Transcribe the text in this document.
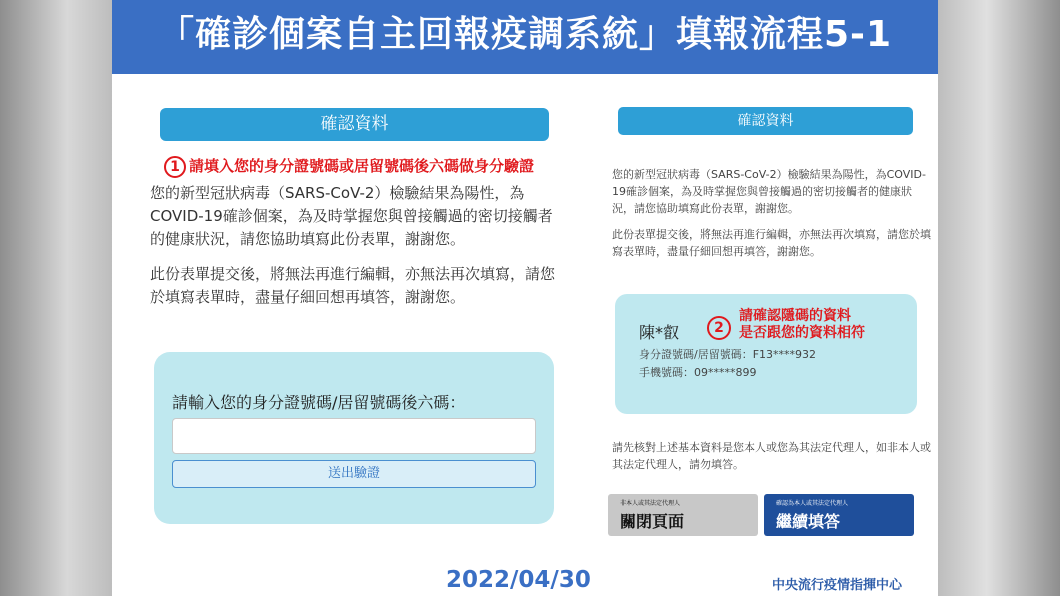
「確診個案自主回報疫調系統」填報流程5-1
確認資料
1 請填入您的身分證號碼或居留號碼後六碼做身分驗證

您的新型冠狀病毒（SARS-CoV-2）檢驗結果為陽性，為COVID-19確診個案，為及時掌握您與曾接觸過的密切接觸者的健康狀況，請您協助填寫此份表單，謝謝您。

此份表單提交後，將無法再進行編輯，亦無法再次填寫，請您於填寫表單時，盡量仔細回想再填答，謝謝您。

請輸入您的身分證號碼/居留號碼後六碼：
送出驗證
確認資料

您的新型冠狀病毒（SARS-CoV-2）檢驗結果為陽性，為COVID-19確診個案，為及時掌握您與曾接觸過的密切接觸者的健康狀況，請您協助填寫此份表單，謝謝您。

此份表單提交後，將無法再進行編輯，亦無法再次填寫，請您於填寫表單時，盡量仔細回想再填答，謝謝您。

陳*叡	2
請確認隱碼的資料
是否跟您的資料相符
身分證號碼/居留號碼：F13****932
手機號碼：09*****899

請先核對上述基本資料是您本人或您為其法定代理人，如非本人或其法定代理人，請勿填答。

非本人或其法定代理人
關閉頁面
確認為本人或其法定代理人
繼續填答
2022/04/30	中央流行疫情指揮中心
